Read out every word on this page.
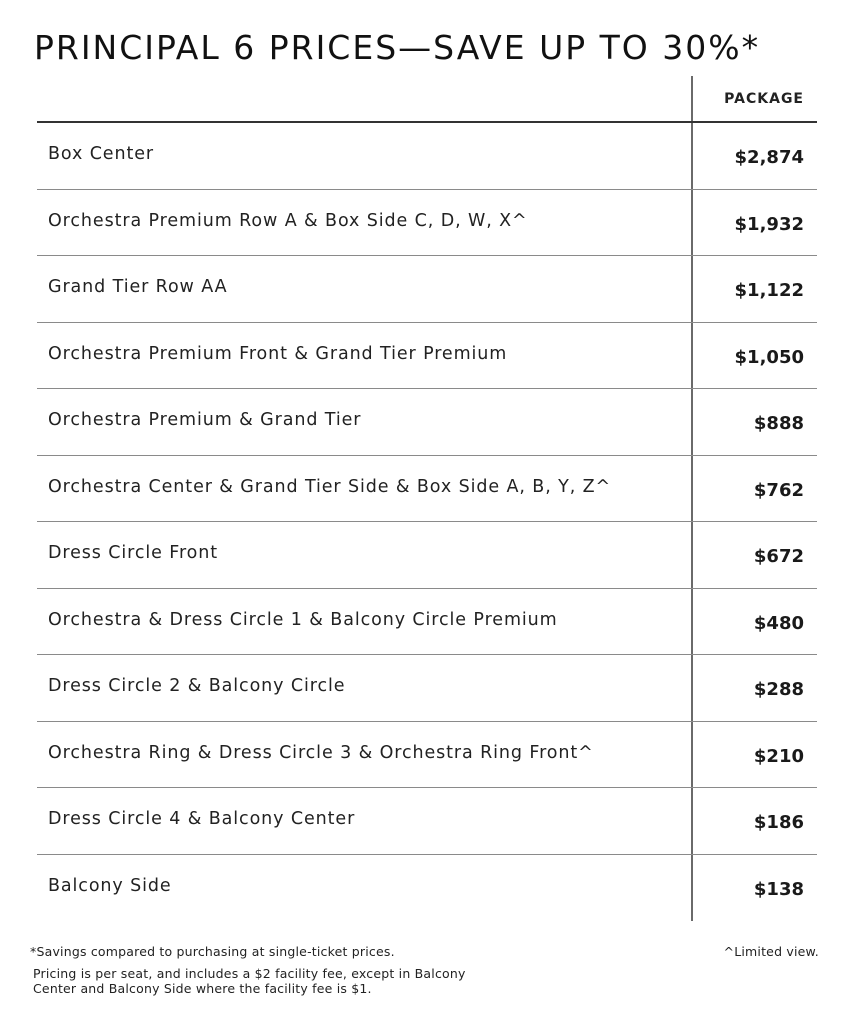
PRINCIPAL 6 PRICES—SAVE UP TO 30%*
PACKAGE
Box Center	$2,874
Orchestra Premium Row A & Box Side C, D, W, X^	$1,932
Grand Tier Row AA	$1,122
Orchestra Premium Front & Grand Tier Premium	$1,050
Orchestra Premium & Grand Tier	$888
Orchestra Center & Grand Tier Side & Box Side A, B, Y, Z^	$762
Dress Circle Front	$672
Orchestra & Dress Circle 1 & Balcony Circle Premium	$480
Dress Circle 2 & Balcony Circle	$288
Orchestra Ring & Dress Circle 3 & Orchestra Ring Front^	$210
Dress Circle 4 & Balcony Center	$186
Balcony Side	$138
*Savings compared to purchasing at single-ticket prices.	^Limited view.
Pricing is per seat, and includes a $2 facility fee, except in Balcony Center and Balcony Side where the facility fee is $1.
